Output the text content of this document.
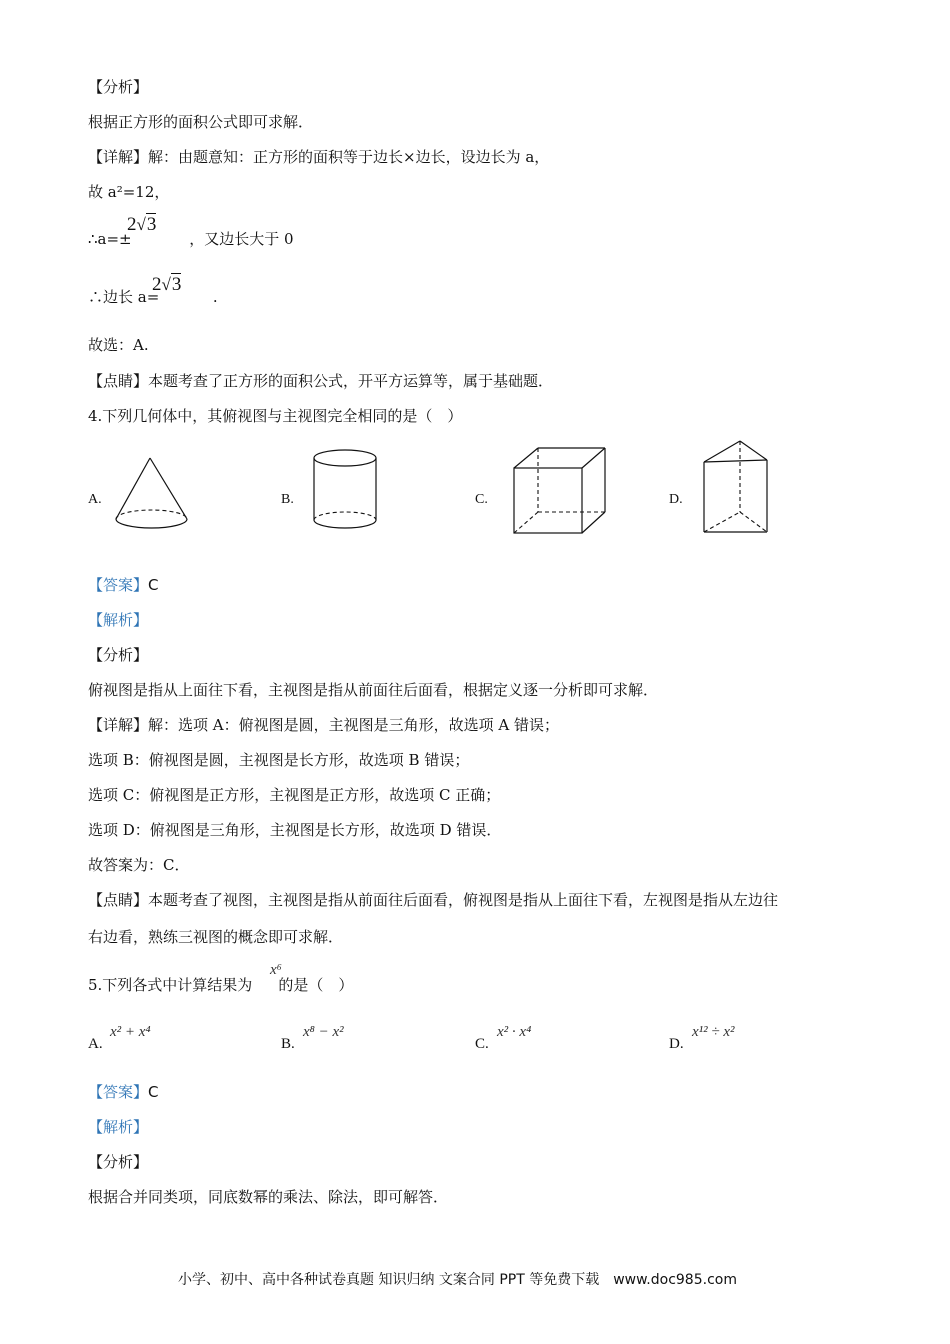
【分析】
根据正方形的面积公式即可求解．
【详解】解：由题意知：正方形的面积等于边长×边长，设边长为 a，
故 a²=12，
∴a=±	，又边长大于 0
2√3
∴边长 a=	.
2√3
故选：A.
【点睛】本题考查了正方形的面积公式，开平方运算等，属于基础题．
4.下列几何体中，其俯视图与主视图完全相同的是（　）
A.	B.	C.	D.
【答案】C
【解析】
【分析】
俯视图是指从上面往下看，主视图是指从前面往后面看，根据定义逐一分析即可求解．
【详解】解：选项 A：俯视图是圆，主视图是三角形，故选项 A 错误；
选项 B：俯视图是圆，主视图是长方形，故选项 B 错误；
选项 C：俯视图是正方形，主视图是正方形，故选项 C 正确；
选项 D：俯视图是三角形，主视图是长方形，故选项 D 错误．
故答案为：C．
【点睛】本题考查了视图，主视图是指从前面往后面看，俯视图是指从上面往下看，左视图是指从左边往
右边看，熟练三视图的概念即可求解．
5.下列各式中计算结果为 的是（　）
x⁶
A.
x² + x⁴
B.
x⁸ − x²
C.
x² · x⁴
D.
x¹² ÷ x²
【答案】C
【解析】
【分析】
根据合并同类项，同底数幂的乘法、除法，即可解答．
小学、初中、高中各种试卷真题 知识归纳 文案合同 PPT 等免费下载　www.doc985.com
